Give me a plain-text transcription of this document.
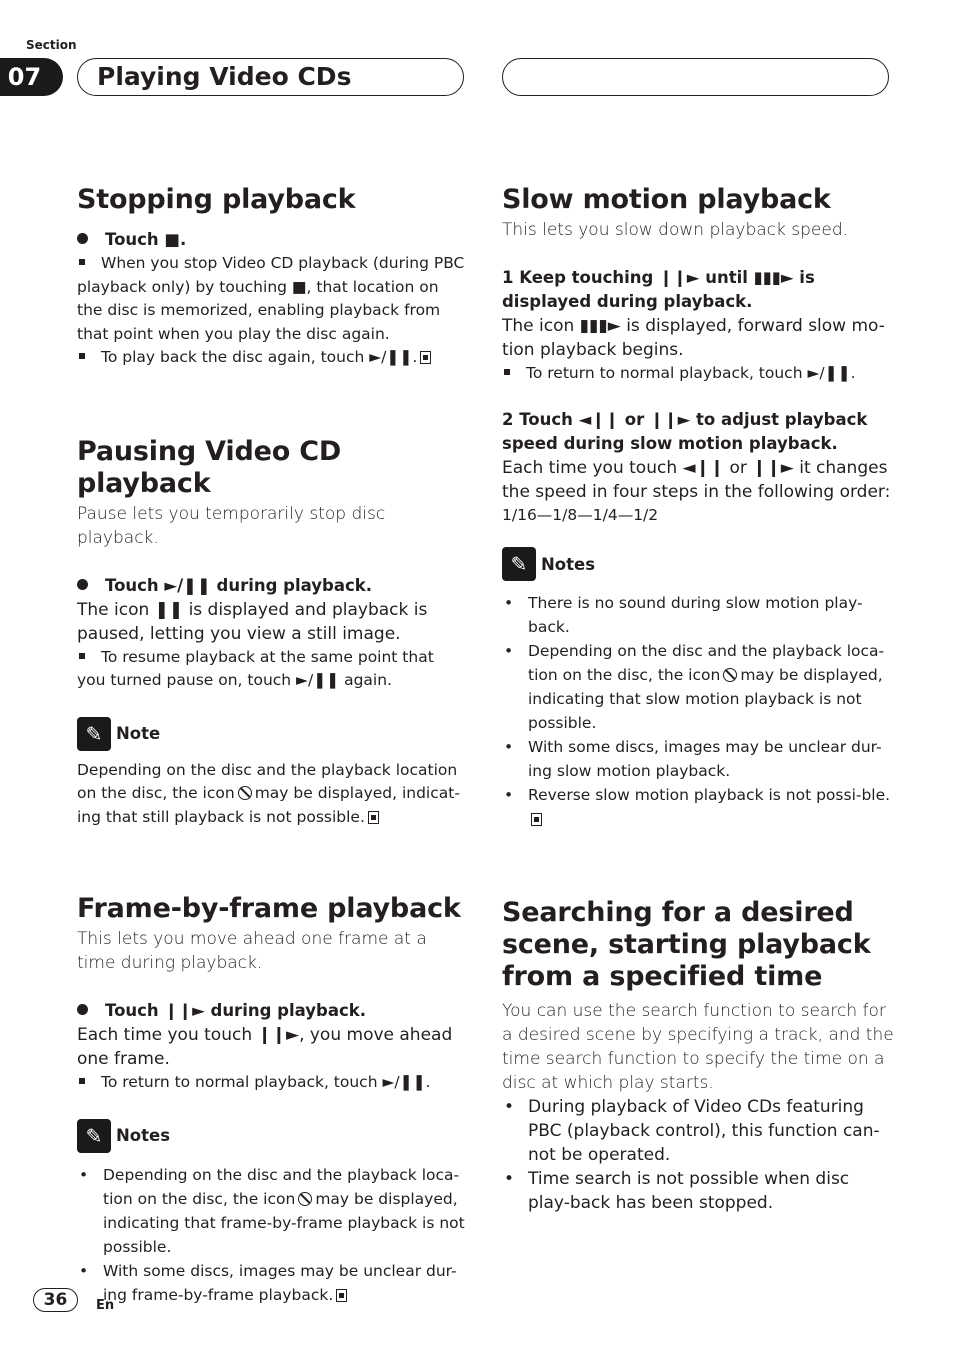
Section
07	Playing Video CDs
Stopping playback

Touch ■.

When you stop Video CD playback (during PBC playback only) by touching ■, that location on the disc is memorized, enabling playback from that point when you play the disc again.

To play back the disc again, touch ►/❚❚.

Pausing Video CD playback

Pause lets you temporarily stop disc playback.

Touch ►/❚❚ during playback.

The icon ❚❚ is displayed and playback is paused, letting you view a still image.

To resume playback at the same point that you turned pause on, touch ►/❚❚ again.

✎ Note

Depending on the disc and the playback location on the disc, the icon may be displayed, indicat-ing that still playback is not possible.

Frame-by-frame playback

This lets you move ahead one frame at a time during playback.

Touch ❙❙► during playback.

Each time you touch ❙❙►, you move ahead one frame.

To return to normal playback, touch ►/❚❚.

✎ Notes
• Depending on the disc and the playback loca-tion on the disc, the icon may be displayed, indicating that frame-by-frame playback is not possible.
• With some discs, images may be unclear dur-ing frame-by-frame playback.
Slow motion playback

This lets you slow down playback speed.

1 Keep touching ❙❙► until ▮▮▮► is displayed during playback.

The icon ▮▮▮► is displayed, forward slow mo-tion playback begins.

To return to normal playback, touch ►/❚❚.

2 Touch ◄❙❙ or ❙❙► to adjust playback speed during slow motion playback.

Each time you touch ◄❙❙ or ❙❙► it changes the speed in four steps in the following order:

1/16—1/8—1/4—1/2

✎ Notes
• There is no sound during slow motion play-back.
• Depending on the disc and the playback loca-tion on the disc, the icon may be displayed, indicating that slow motion playback is not possible.
• With some discs, images may be unclear dur-ing slow motion playback.
• Reverse slow motion playback is not possi-ble.
Searching for a desired scene, starting playback from a specified time

You can use the search function to search for a desired scene by specifying a track, and the time search function to specify the time on a disc at which play starts.

• During playback of Video CDs featuring PBC (playback control), this function can-not be operated.
• Time search is not possible when disc play-back has been stopped.
36	En
